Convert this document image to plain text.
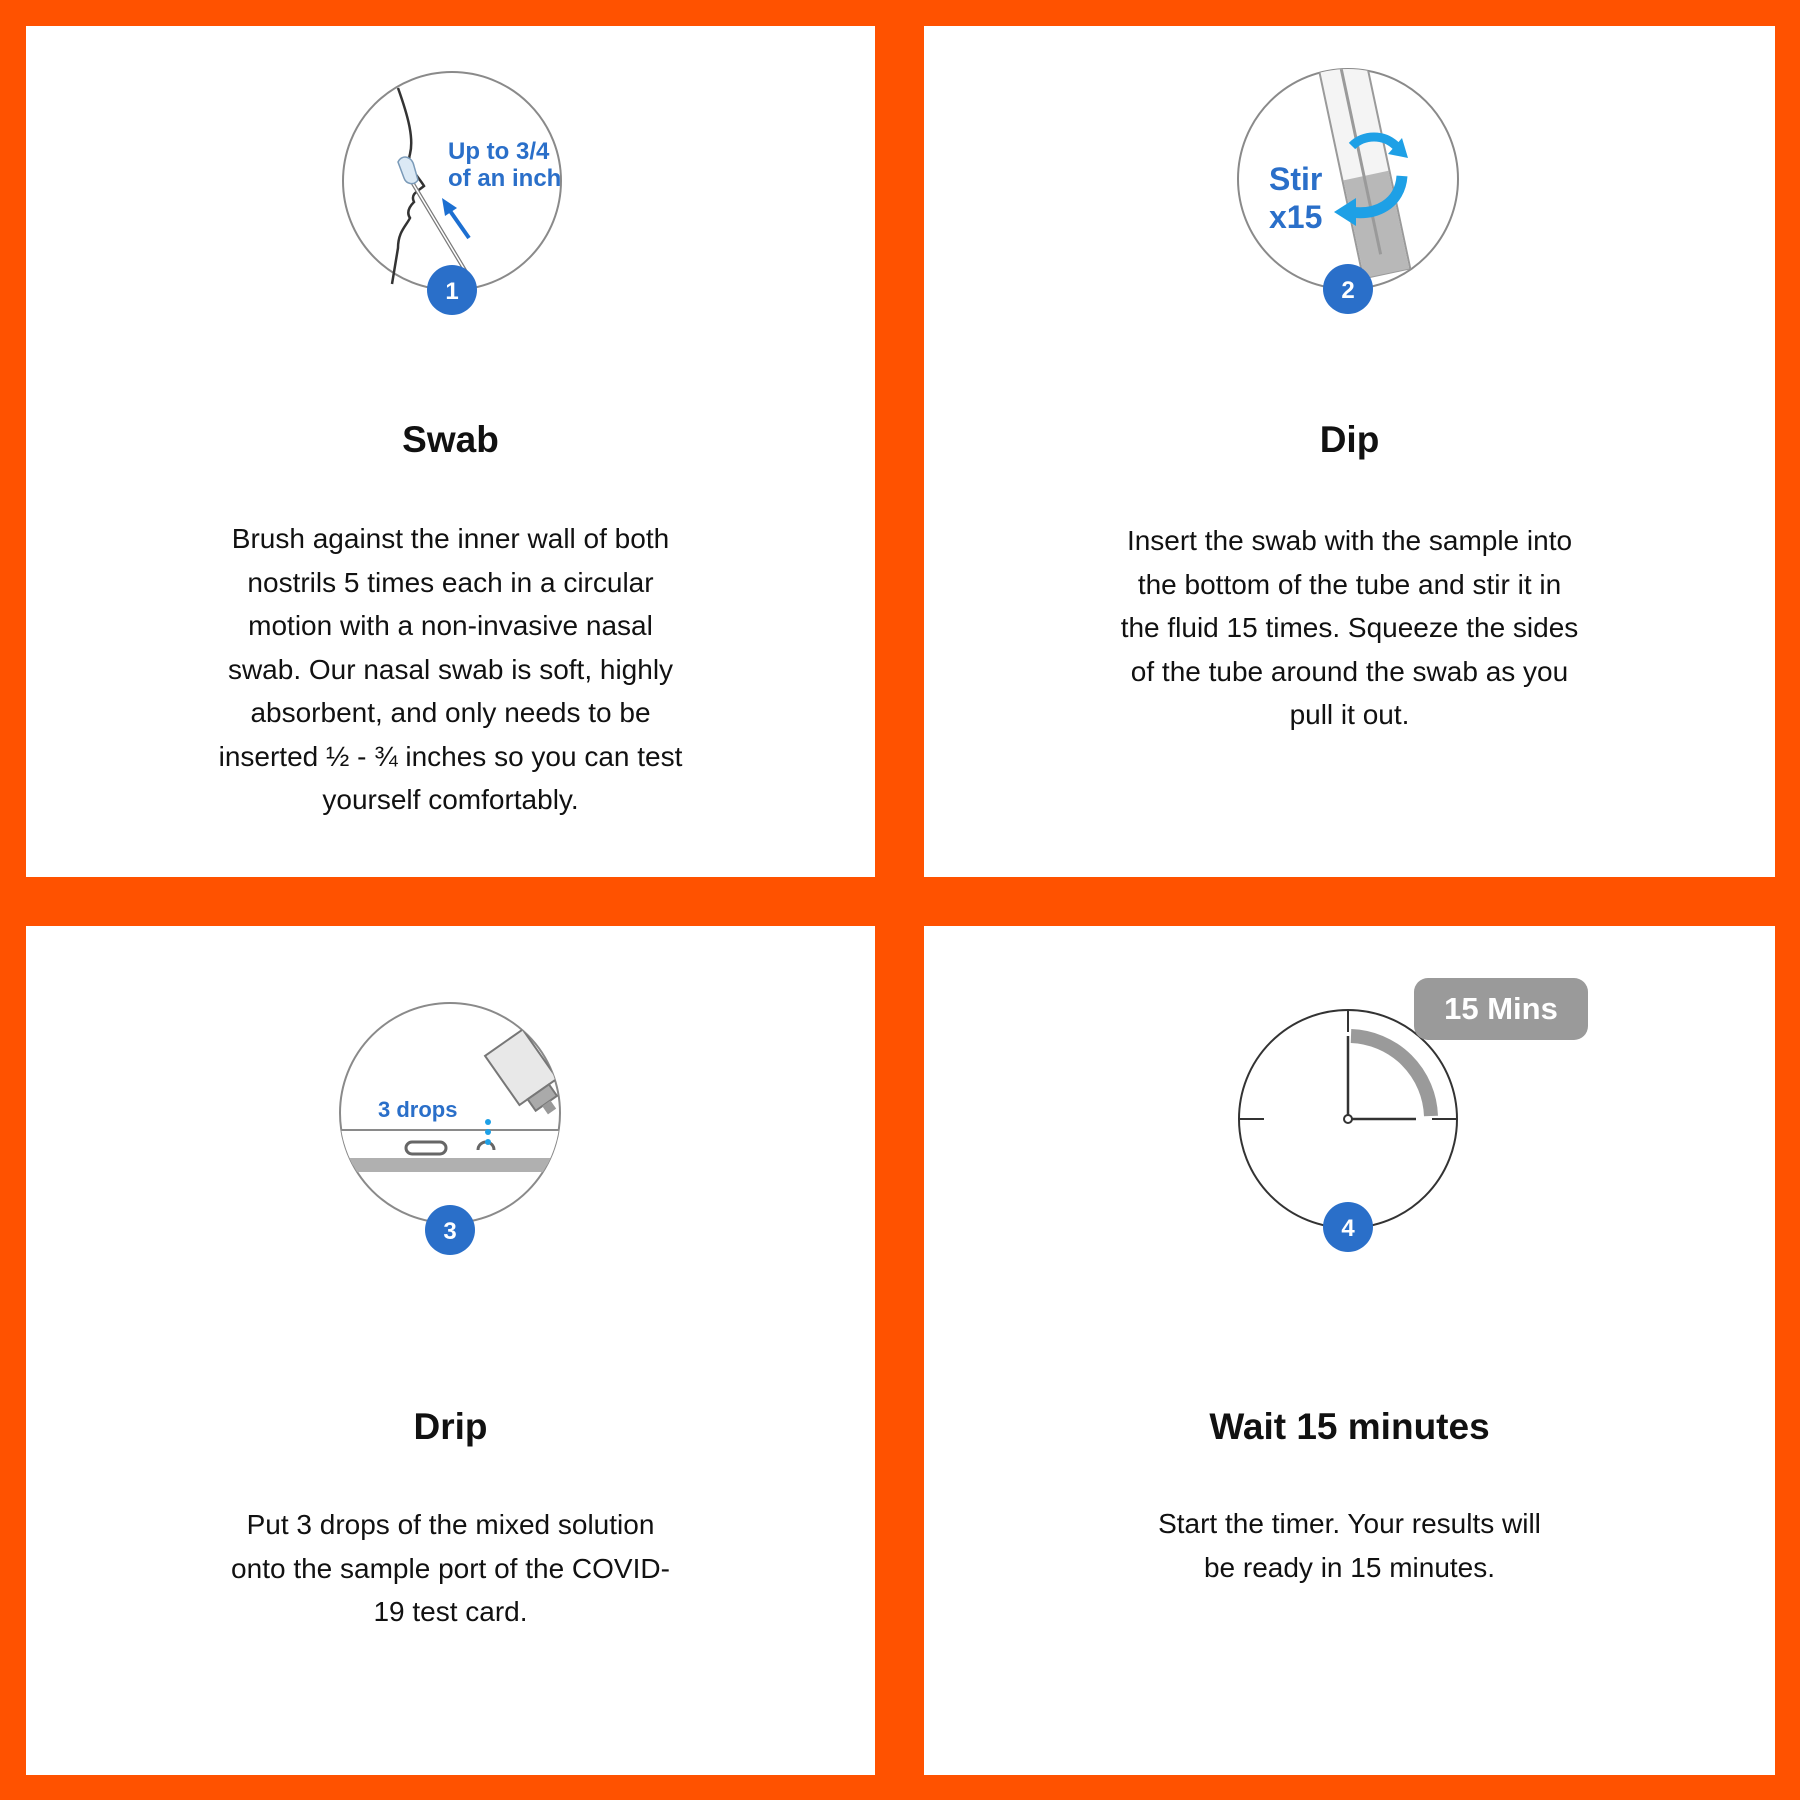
Up to 3/4
of an inch
1
Swab

Brush against the inner wall of both nostrils 5 times each in a circular motion with a non-invasive nasal swab. Our nasal swab is soft, highly absorbent, and only needs to be inserted ½ - ¾ inches so you can test yourself comfortably.

Stir
x15
2
Dip

Insert the swab with the sample into the bottom of the tube and stir it in the fluid 15 times. Squeeze the sides of the tube around the swab as you pull it out.

3 drops
3
Drip

Put 3 drops of the mixed solution onto the sample port of the COVID-19 test card.

15 Mins
4
Wait 15 minutes

Start the timer. Your results will be ready in 15 minutes.
